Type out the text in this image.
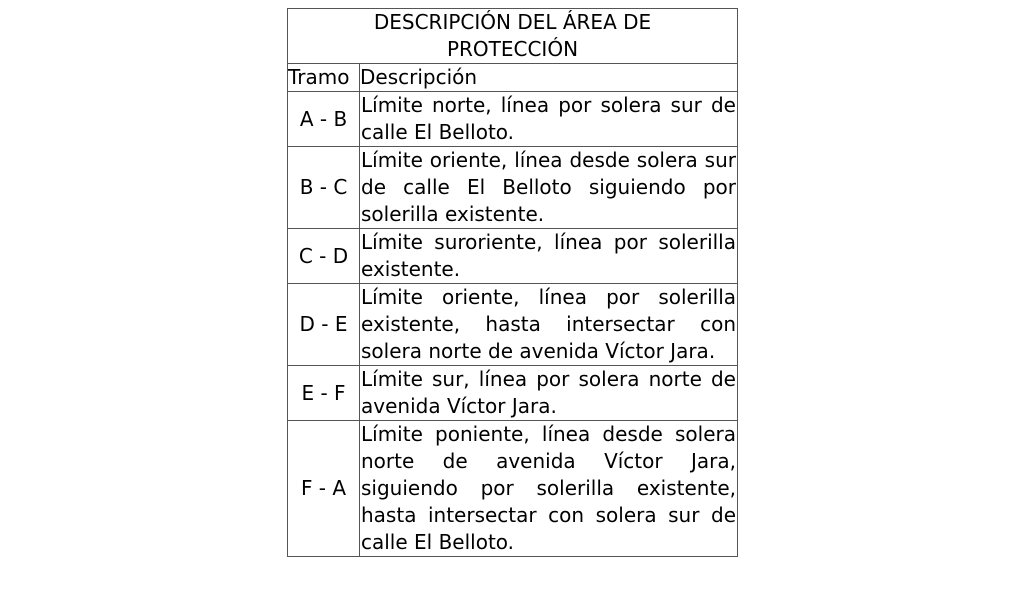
DESCRIPCIÓN DEL ÁREA DE PROTECCIÓN	
Tramo	Descripción
A - B	Límite norte, línea por solera sur de calle El Belloto.
B - C	Límite oriente, línea desde solera sur de calle El Belloto siguiendo por solerilla existente.
C - D	Límite suroriente, línea por solerilla existente.
D - E	Límite oriente, línea por solerilla existente, hasta intersectar con solera norte de avenida Víctor Jara.
E - F	Límite sur, línea por solera norte de avenida Víctor Jara.
F - A	Límite poniente, línea desde solera norte de avenida Víctor Jara, siguiendo por solerilla existente, hasta intersectar con solera sur de calle El Belloto.
